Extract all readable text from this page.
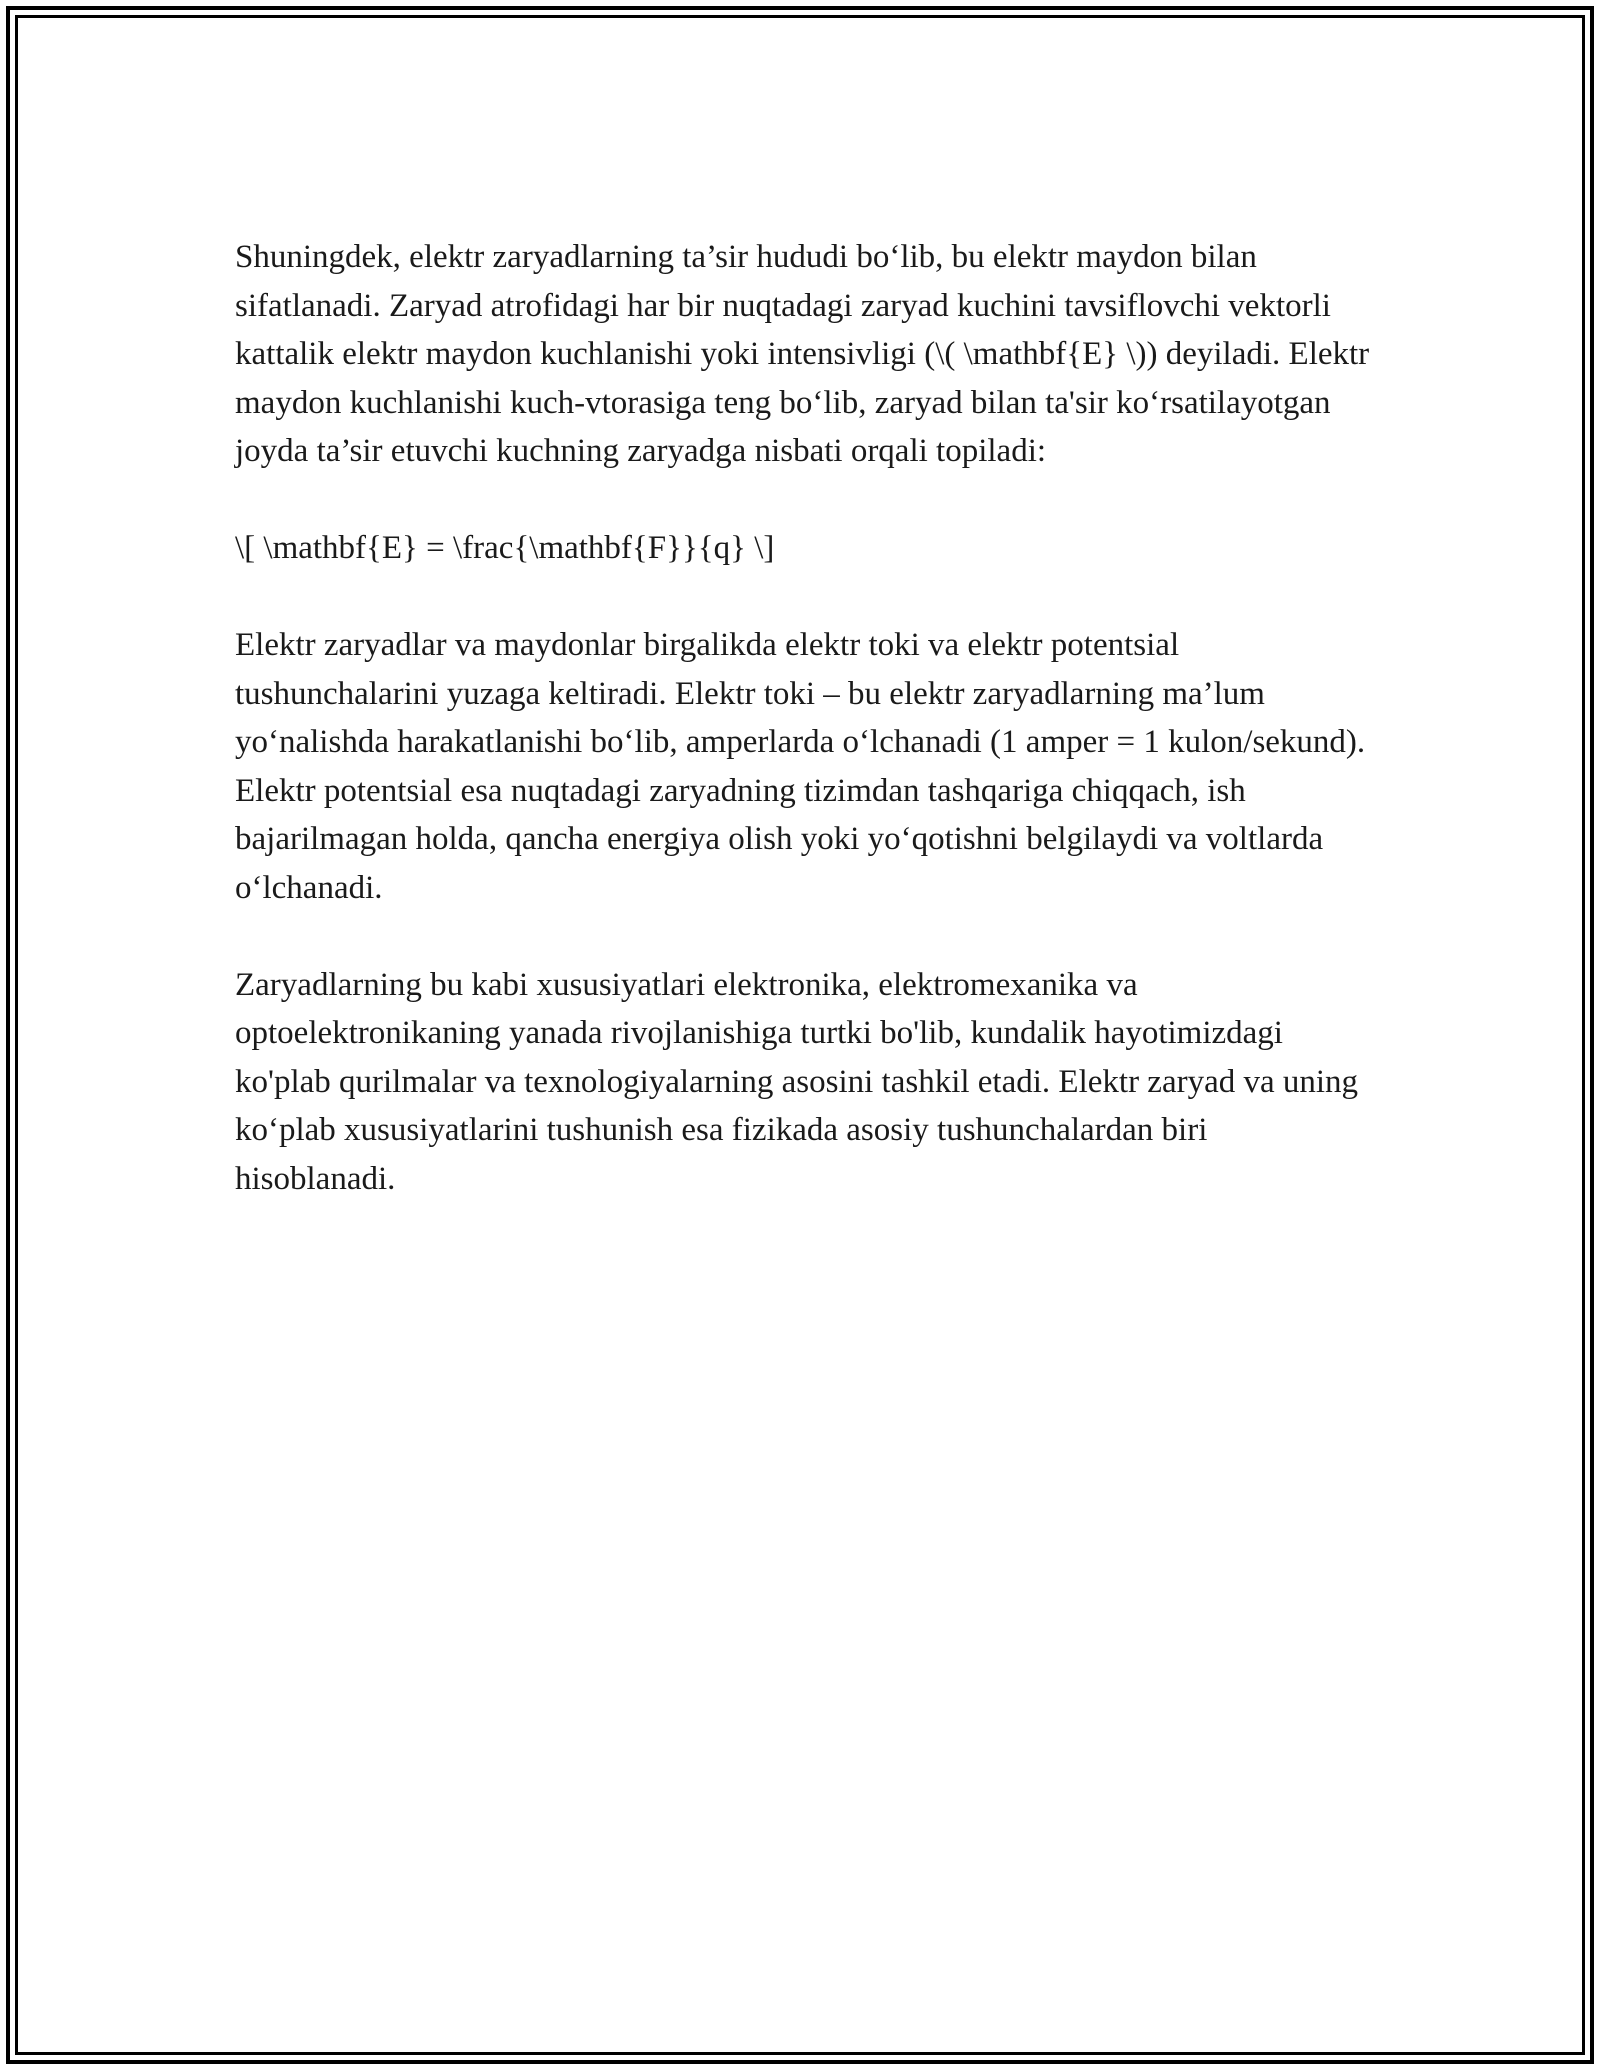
Shuningdek, elektr zaryadlarning ta’sir hududi bo‘lib, bu elektr maydon bilan sifatlanadi. Zaryad atrofidagi har bir nuqtadagi zaryad kuchini tavsiflovchi vektorli kattalik elektr maydon kuchlanishi yoki intensivligi (\( \mathbf{E} \)) deyiladi. Elektr maydon kuchlanishi kuch-vtorasiga teng bo‘lib, zaryad bilan ta'sir ko‘rsatilayotgan joyda ta’sir etuvchi kuchning zaryadga nisbati orqali topiladi:

\[ \mathbf{E} = \frac{\mathbf{F}}{q} \]

Elektr zaryadlar va maydonlar birgalikda elektr toki va elektr potentsial tushunchalarini yuzaga keltiradi. Elektr toki – bu elektr zaryadlarning ma’lum yo‘nalishda harakatlanishi bo‘lib, amperlarda o‘lchanadi (1 amper = 1 kulon/sekund). Elektr potentsial esa nuqtadagi zaryadning tizimdan tashqariga chiqqach, ish bajarilmagan holda, qancha energiya olish yoki yo‘qotishni belgilaydi va voltlarda o‘lchanadi.

Zaryadlarning bu kabi xususiyatlari elektronika, elektromexanika va optoelektronikaning yanada rivojlanishiga turtki bo'lib, kundalik hayotimizdagi ko'plab qurilmalar va texnologiyalarning asosini tashkil etadi. Elektr zaryad va uning ko‘plab xususiyatlarini tushunish esa fizikada asosiy tushunchalardan biri hisoblanadi.
